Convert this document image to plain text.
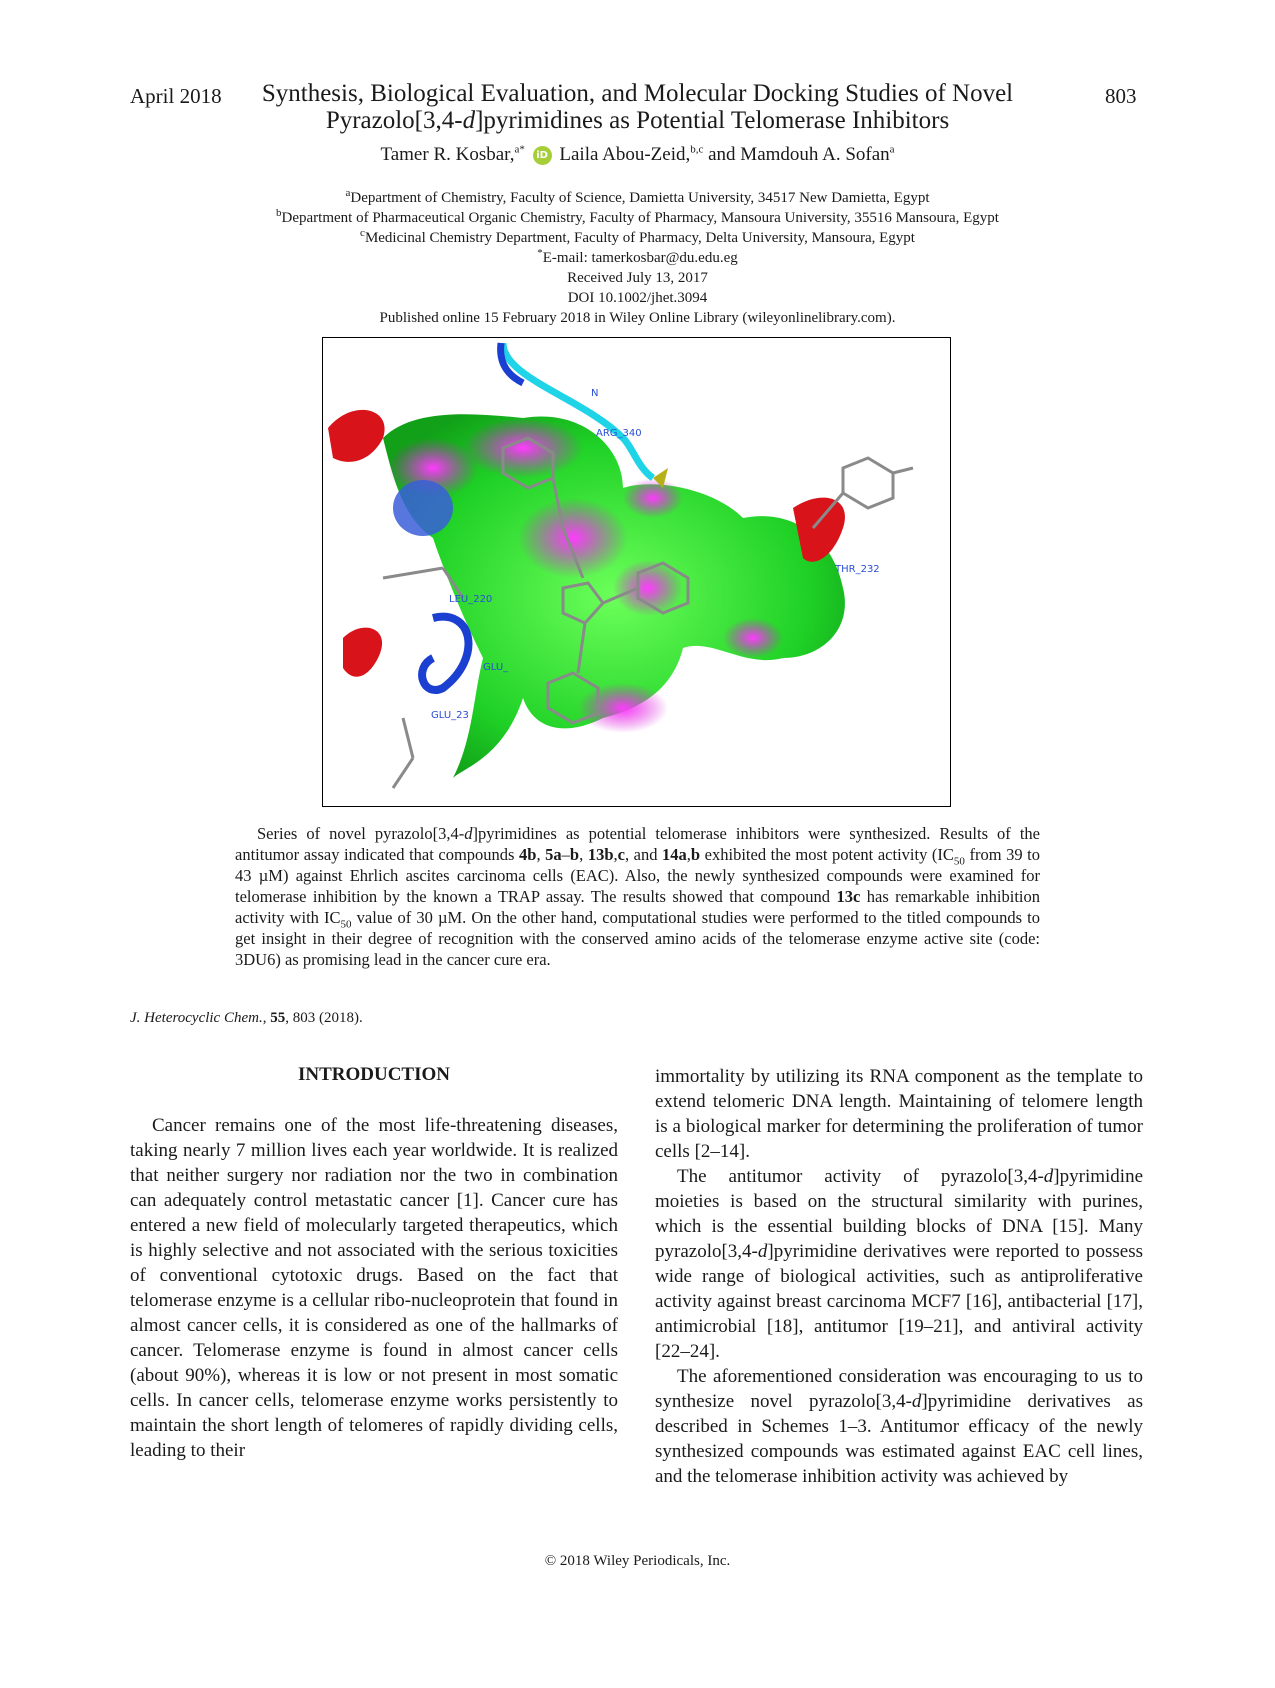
April 2018	803
Synthesis, Biological Evaluation, and Molecular Docking Studies of Novel
Pyrazolo[3,4-d]pyrimidines as Potential Telomerase Inhibitors
Tamer R. Kosbar,$^{a*}$ iD Laila Abou-Zeid,$^{b,c}$ and Mamdouh A. Sofan$^a$
$^a$Department of Chemistry, Faculty of Science, Damietta University, 34517 New Damietta, Egypt
$^b$Department of Pharmaceutical Organic Chemistry, Faculty of Pharmacy, Mansoura University, 35516 Mansoura, Egypt
$^c$Medicinal Chemistry Department, Faculty of Pharmacy, Delta University, Mansoura, Egypt
*E-mail: tamerkosbar@du.edu.eg
Received July 13, 2017
DOI 10.1002/jhet.3094
Published online 15 February 2018 in Wiley Online Library (wileyonlinelibrary.com).
N
ARG_340
THR_232
LEU_220
GLU_
GLU_23
Series of novel pyrazolo[3,4-d]pyrimidines as potential telomerase inhibitors were synthesized. Results of the antitumor assay indicated that compounds 4b, 5a–b, 13b,c, and 14a,b exhibited the most potent activity ($IC_{50}$ from 39 to 43 µM) against Ehrlich ascites carcinoma cells (EAC). Also, the newly synthesized compounds were examined for telomerase inhibition by the known a TRAP assay. The results showed that compound 13c has remarkable inhibition activity with $IC_{50}$ value of 30 µM. On the other hand, computational studies were performed to the titled compounds to get insight in their degree of recognition with the conserved amino acids of the telomerase enzyme active site (code: 3DU6) as promising lead in the cancer cure era.
J. Heterocyclic Chem., 55, 803 (2018).
INTRODUCTION

Cancer remains one of the most life-threatening diseases, taking nearly 7 million lives each year worldwide. It is realized that neither surgery nor radiation nor the two in combination can adequately control metastatic cancer [1]. Cancer cure has entered a new field of molecularly targeted therapeutics, which is highly selective and not associated with the serious toxicities of conventional cytotoxic drugs. Based on the fact that telomerase enzyme is a cellular ribo-nucleoprotein that found in almost cancer cells, it is considered as one of the hallmarks of cancer. Telomerase enzyme is found in almost cancer cells (about 90%), whereas it is low or not present in most somatic cells. In cancer cells, telomerase enzyme works persistently to maintain the short length of telomeres of rapidly dividing cells, leading to their

immortality by utilizing its RNA component as the template to extend telomeric DNA length. Maintaining of telomere length is a biological marker for determining the proliferation of tumor cells [2–14].

The antitumor activity of pyrazolo[3,4-d]pyrimidine moieties is based on the structural similarity with purines, which is the essential building blocks of DNA [15]. Many pyrazolo[3,4-d]pyrimidine derivatives were reported to possess wide range of biological activities, such as antiproliferative activity against breast carcinoma MCF7 [16], antibacterial [17], antimicrobial [18], antitumor [19–21], and antiviral activity [22–24].

The aforementioned consideration was encouraging to us to synthesize novel pyrazolo[3,4-d]pyrimidine derivatives as described in Schemes 1–3. Antitumor efficacy of the newly synthesized compounds was estimated against EAC cell lines, and the telomerase inhibition activity was achieved by

© 2018 Wiley Periodicals, Inc.
